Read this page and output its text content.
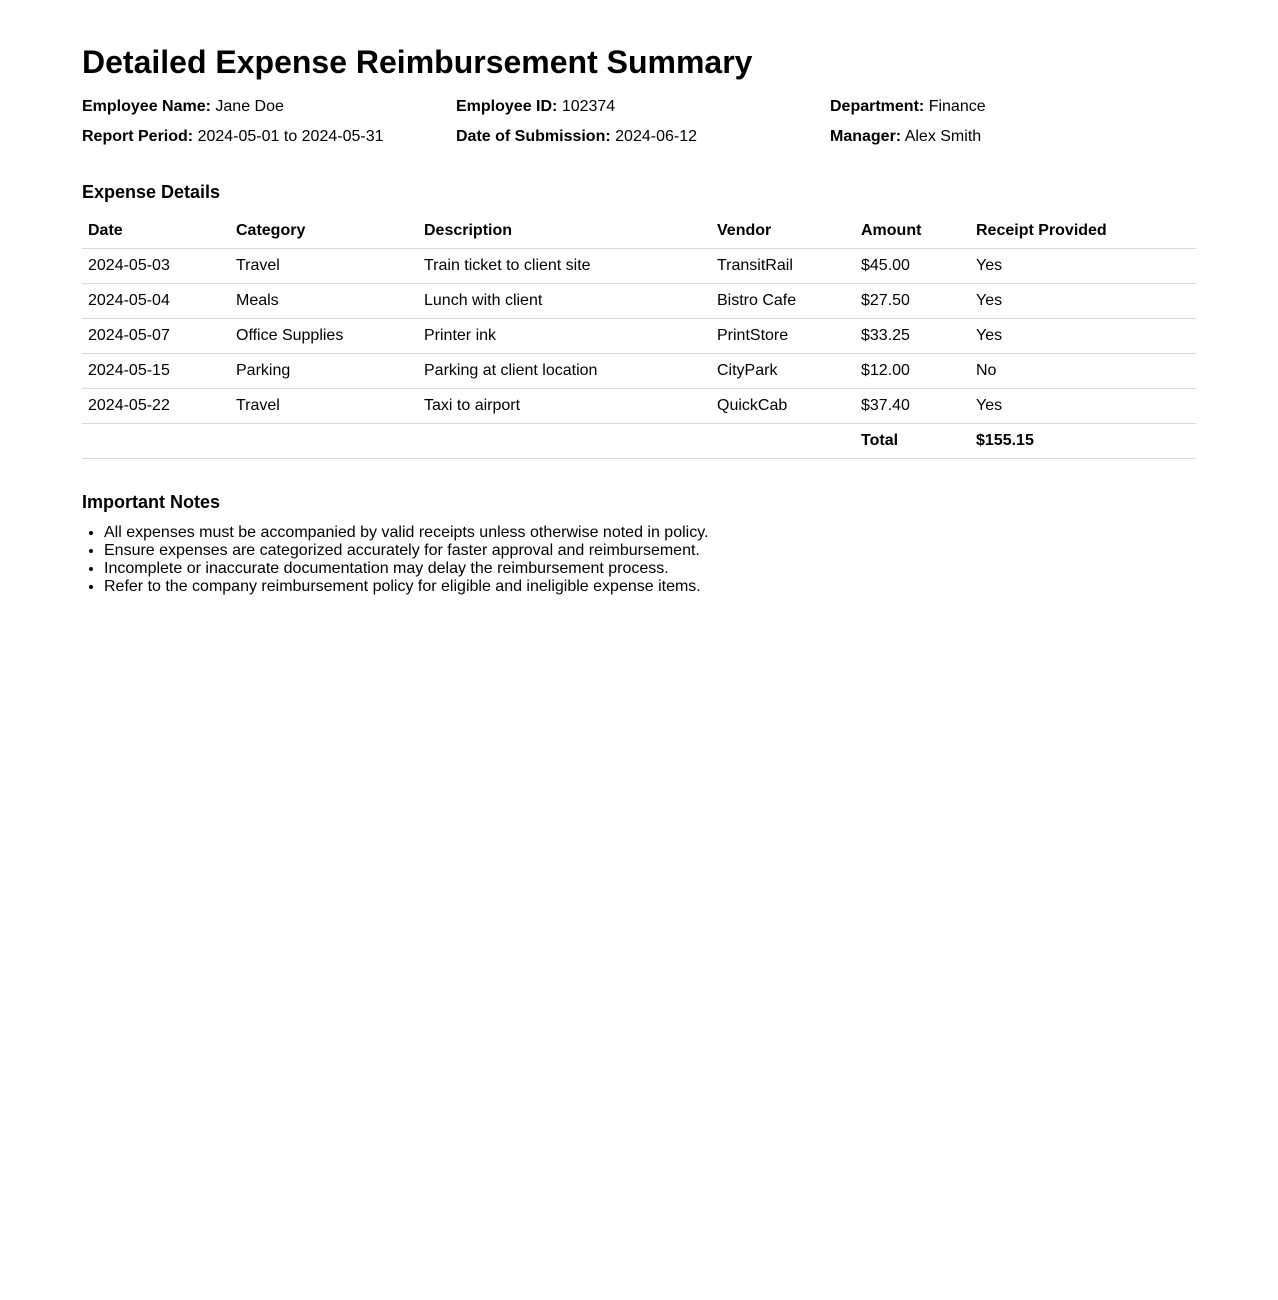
Detailed Expense Reimbursement Summary
Employee Name: Jane Doe	Employee ID: 102374	Department: Finance
Report Period: 2024-05-01 to 2024-05-31	Date of Submission: 2024-06-12	Manager: Alex Smith
Expense Details
Date	Category	Description	Vendor	Amount	Receipt Provided
2024-05-03	Travel	Train ticket to client site	TransitRail	$45.00	Yes
2024-05-04	Meals	Lunch with client	Bistro Cafe	$27.50	Yes
2024-05-07	Office Supplies	Printer ink	PrintStore	$33.25	Yes
2024-05-15	Parking	Parking at client location	CityPark	$12.00	No
2024-05-22	Travel	Taxi to airport	QuickCab	$37.40	Yes
				Total	$155.15
Important Notes
• All expenses must be accompanied by valid receipts unless otherwise noted in policy.
• Ensure expenses are categorized accurately for faster approval and reimbursement.
• Incomplete or inaccurate documentation may delay the reimbursement process.
• Refer to the company reimbursement policy for eligible and ineligible expense items.
